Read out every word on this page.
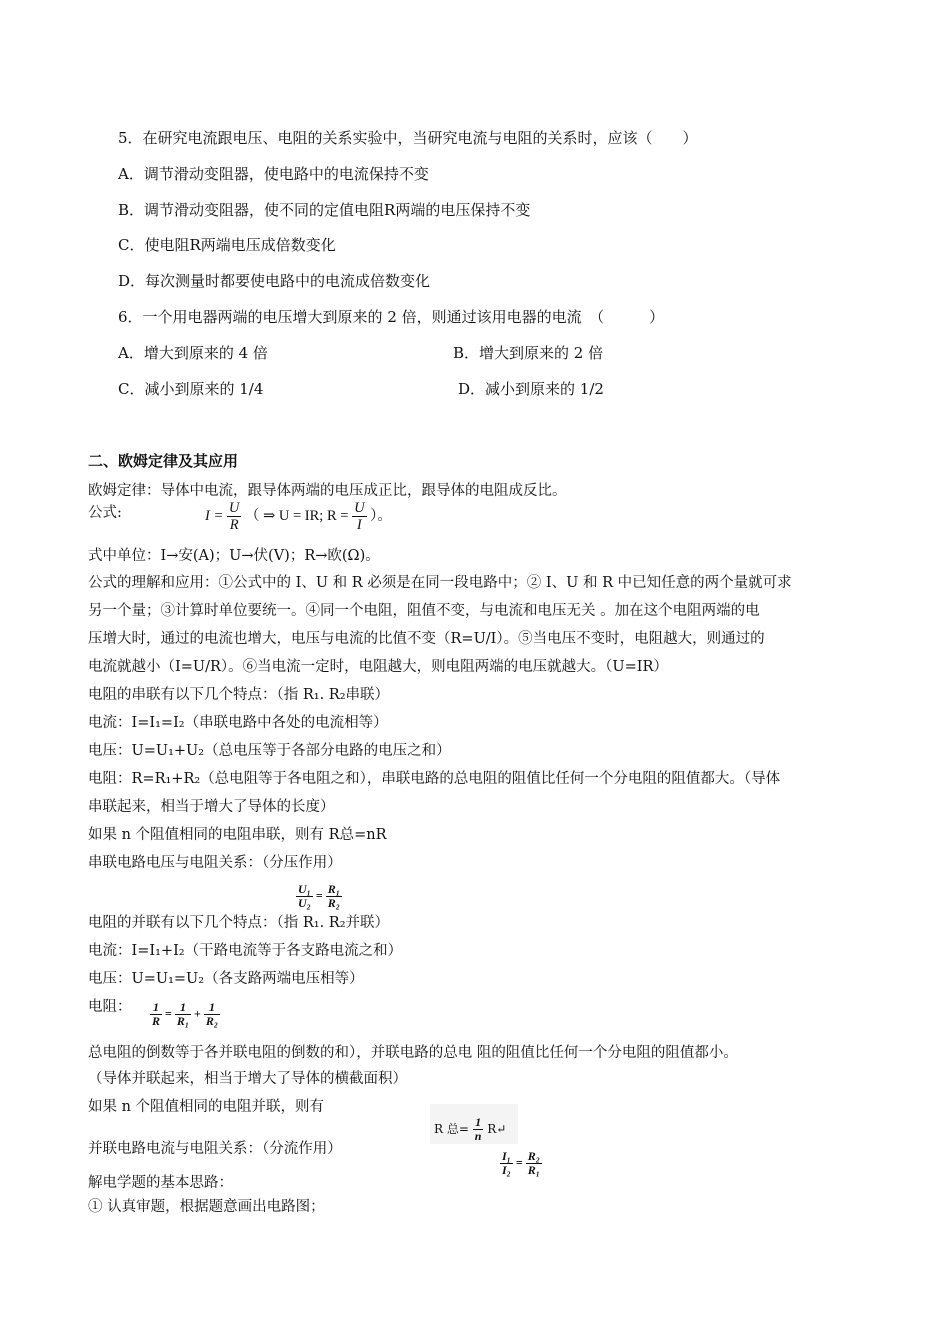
5．在研究电流跟电压、电阻的关系实验中，当研究电流与电阻的关系时，应该（　　）
A．调节滑动变阻器，使电路中的电流保持不变
B．调节滑动变阻器，使不同的定值电阻R两端的电压保持不变
C．使电阻R两端电压成倍数变化
D．每次测量时都要使电路中的电流成倍数变化
6．一个用电器两端的电压增大到原来的 2 倍，则通过该用电器的电流　（　　　）
A．增大到原来的 4 倍	B．增大到原来的 2 倍
C．减小到原来的 1/4	D．减小到原来的 1/2
二、欧姆定律及其应用
欧姆定律：导体中电流，跟导体两端的电压成正比，跟导体的电阻成反比。
公式:	$I = \frac{U}{R}$ （ ⇒ U = IR; $R = \frac{U}{I}$ ）。
式中单位：I→安(A)；U→伏(V)；R→欧(Ω)。
公式的理解和应用：①公式中的 I、U 和 R 必须是在同一段电路中；② I、U 和 R 中已知任意的两个量就可求
另一个量；③计算时单位要统一。④同一个电阻，阻值不变，与电流和电压无关 。加在这个电阻两端的电
压增大时，通过的电流也增大，电压与电流的比值不变（R=U/I）。⑤当电压不变时，电阻越大，则通过的
电流就越小（I=U/R）。⑥当电流一定时，电阻越大，则电阻两端的电压就越大。（U=IR）
电阻的串联有以下几个特点：（指 R₁. R₂串联）
电流：I=I₁=I₂（串联电路中各处的电流相等）
电压：U=U₁+U₂（总电压等于各部分电路的电压之和）
电阻：R=R₁+R₂（总电阻等于各电阻之和），串联电路的总电阻的阻值比任何一个分电阻的阻值都大。（导体
串联起来，相当于增大了导体的长度）
如果 n 个阻值相同的电阻串联，则有 R总=nR
串联电路电压与电阻关系：（分压作用）
$\frac{\text{U₁}}{\text{U₂}} = \frac{\text{R₁}}{\text{R₂}}$
电阻的并联有以下几个特点：（指 R₁. R₂并联）
电流：I=I₁+I₂（干路电流等于各支路电流之和）
电压：U=U₁=U₂（各支路两端电压相等）
电阻： $\frac{1}{R} = \frac{1}{\text{R₁}} + \frac{1}{\text{R₂}}$
总电阻的倒数等于各并联电阻的倒数的和），并联电路的总电 阻的阻值比任何一个分电阻的阻值都小。
（导体并联起来，相当于增大了导体的横截面积）
如果 n 个阻值相同的电阻并联，则有
R 总= $\frac{1}{n}$ R↵
并联电路电流与电阻关系：（分流作用）
$\frac{\text{I₁}}{\text{I₂}} = \frac{\text{R₂}}{\text{R₁}}$
解电学题的基本思路：
① 认真审题，根据题意画出电路图；
